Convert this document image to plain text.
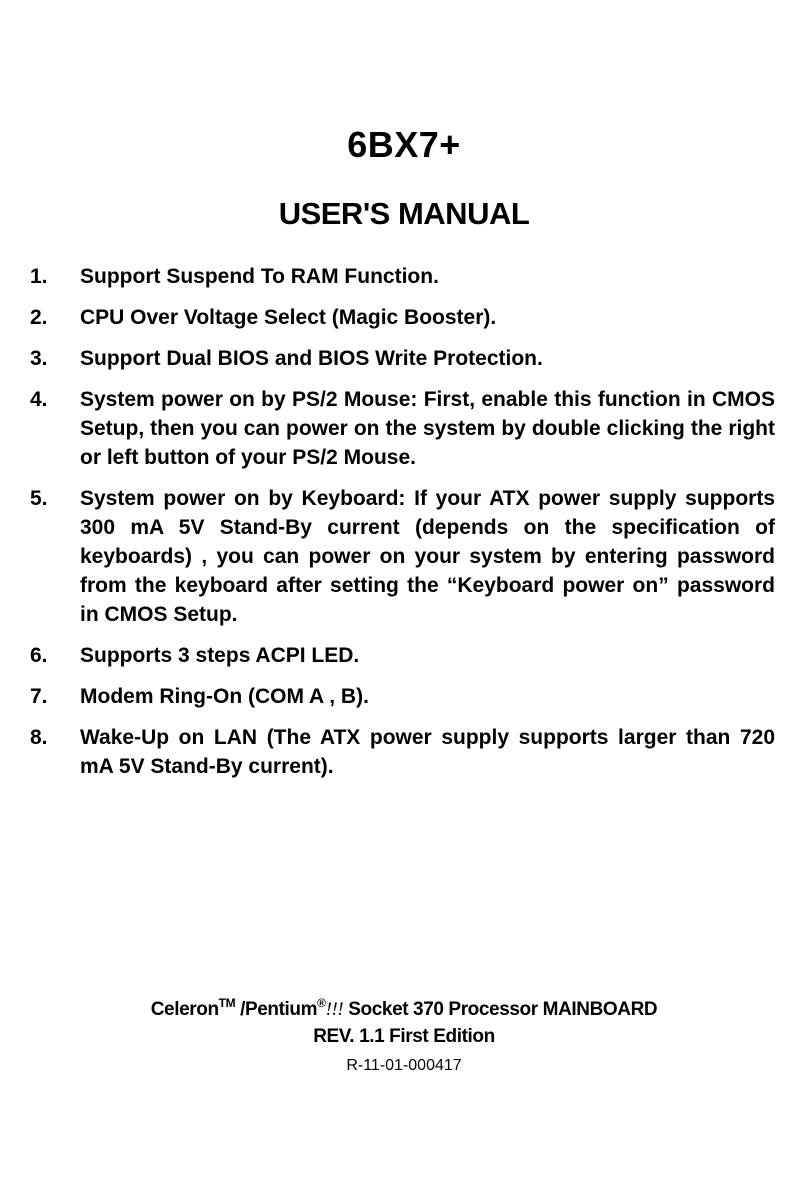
6BX7+
USER'S MANUAL
1.	Support Suspend To RAM Function.
2.	CPU Over Voltage Select (Magic Booster).
3.	Support Dual BIOS and BIOS Write Protection.
4.	System power on by PS/2 Mouse: First, enable this function in CMOS Setup, then you can power on the system by double clicking the right or left button of your PS/2 Mouse.
5.	System power on by Keyboard: If your ATX power supply supports 300 mA 5V Stand-By current (depends on the specification of keyboards) , you can power on your system by entering password from the keyboard after setting the “Keyboard power on” password in CMOS Setup.
6.	Supports 3 steps ACPI LED.
7.	Modem Ring-On (COM A , B).
8.	Wake-Up on LAN (The ATX power supply supports larger than 720 mA 5V Stand-By current).
Celeron™ /Pentium®!!! Socket 370 Processor MAINBOARD
REV. 1.1 First Edition
R-11-01-000417
